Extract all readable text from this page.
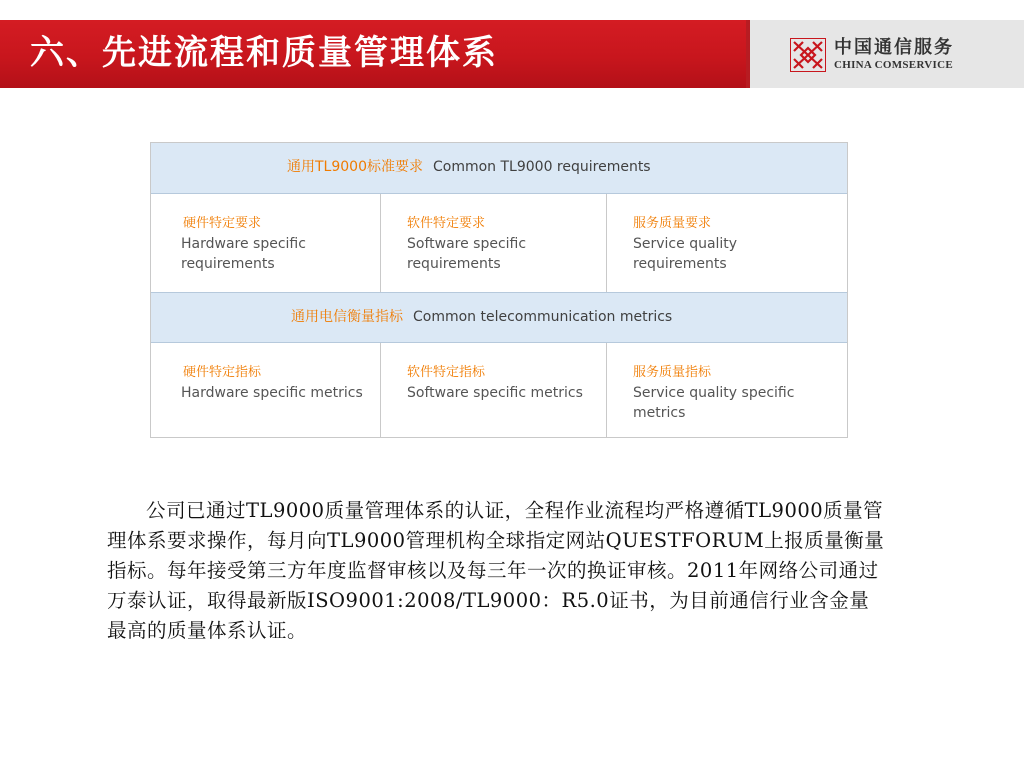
六、先进流程和质量管理体系	中国通信服务
CHINA COMSERVICE
通用TL9000标准要求 Common TL9000 requirements
硬件特定要求
Hardware specific requirements
软件特定要求
Software specific requirements
服务质量要求
Service quality requirements
通用电信衡量指标 Common telecommunication metrics
硬件特定指标
Hardware specific metrics
软件特定指标
Software specific metrics
服务质量指标
Service quality specific metrics
公司已通过TL9000质量管理体系的认证，全程作业流程均严格遵循TL9000质量管理体系要求操作，每月向TL9000管理机构全球指定网站QUESTFORUM上报质量衡量指标。每年接受第三方年度监督审核以及每三年一次的换证审核。2011年网络公司通过万泰认证，取得最新版ISO9001:2008/TL9000：R5.0证书，为目前通信行业含金量最高的质量体系认证。
